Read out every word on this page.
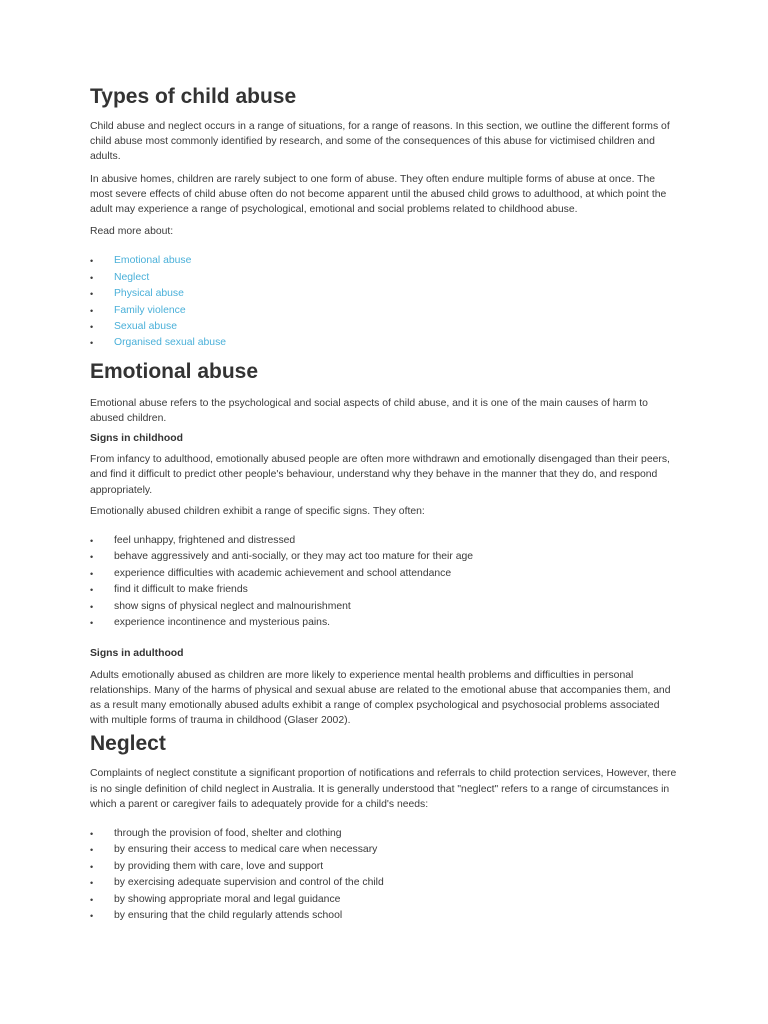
Types of child abuse

Child abuse and neglect occurs in a range of situations, for a range of reasons. In this section, we outline the different forms of child abuse most commonly identified by research, and some of the consequences of this abuse for victimised children and adults.

In abusive homes, children are rarely subject to one form of abuse. They often endure multiple forms of abuse at once. The most severe effects of child abuse often do not become apparent until the abused child grows to adulthood, at which point the adult may experience a range of psychological, emotional and social problems related to childhood abuse.

Read more about:

• Emotional abuse
• Neglect
• Physical abuse
• Family violence
• Sexual abuse
• Organised sexual abuse
Emotional abuse

Emotional abuse refers to the psychological and social aspects of child abuse, and it is one of the main causes of harm to abused children.

Signs in childhood

From infancy to adulthood, emotionally abused people are often more withdrawn and emotionally disengaged than their peers, and find it difficult to predict other people's behaviour, understand why they behave in the manner that they do, and respond appropriately.

Emotionally abused children exhibit a range of specific signs. They often:

• feel unhappy, frightened and distressed
• behave aggressively and anti-socially, or they may act too mature for their age
• experience difficulties with academic achievement and school attendance
• find it difficult to make friends
• show signs of physical neglect and malnourishment
• experience incontinence and mysterious pains.
Signs in adulthood

Adults emotionally abused as children are more likely to experience mental health problems and difficulties in personal relationships. Many of the harms of physical and sexual abuse are related to the emotional abuse that accompanies them, and as a result many emotionally abused adults exhibit a range of complex psychological and psychosocial problems associated with multiple forms of trauma in childhood (Glaser 2002).

Neglect

Complaints of neglect constitute a significant proportion of notifications and referrals to child protection services, However, there is no single definition of child neglect in Australia. It is generally understood that "neglect" refers to a range of circumstances in which a parent or caregiver fails to adequately provide for a child's needs:

• through the provision of food, shelter and clothing
• by ensuring their access to medical care when necessary
• by providing them with care, love and support
• by exercising adequate supervision and control of the child
• by showing appropriate moral and legal guidance
• by ensuring that the child regularly attends school
